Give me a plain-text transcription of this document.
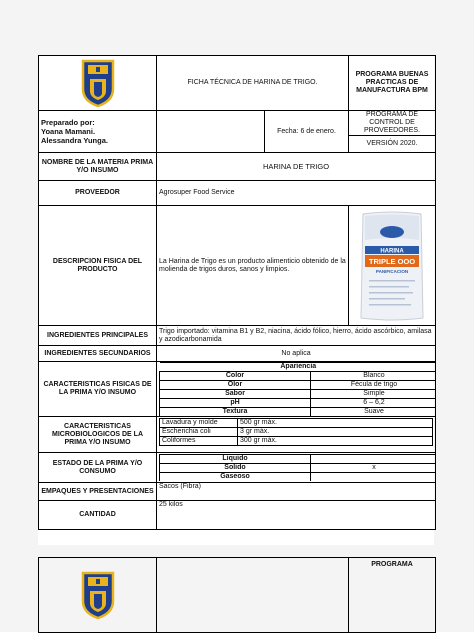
	FICHA TÉCNICA DE HARINA DE TRIGO.	PROGRAMA BUENAS PRACTICAS DE MANUFACTURA BPM

Preparado por:
Yoana Mamani.
Alessandra Yunga.
		Fecha: 6 de enero.	PROGRAMA DE CONTROL DE PROVEEDORES.
VERSIÓN 2020.
NOMBRE DE LA MATERIA PRIMA Y/O INSUMO	HARINA DE TRIGO
PROVEEDOR	Agrosuper Food Service
DESCRIPCION FISICA DEL PRODUCTO	La Harina de Trigo es un producto alimenticio obtenido de la molienda de trigos duros, sanos y limpios.	
HARINA
TRIPLE OOO
PANIFICACION

INGREDIENTES PRINCIPALES	Trigo importado: vitamina B1 y B2, niacina, ácido fólico, hierro, ácido ascórbico, amilasa y azodicarbonamida
INGREDIENTES SECUNDARIOS	No aplica
CARACTERISTICAS FISICAS DE LA PRIMA Y/O INSUMO	
Apariencia
Color	Blanco
Olor	Fécula de trigo
Sabor	Simple
pH	6 – 6,2
Textura	Suave

CARACTERISTICAS MICROBIOLOGICOS DE LA PRIMA Y/O INSUMO	
Lavadura y molde	500 gr máx.
Escherichia coli	3 gr máx.
Coliformes	300 gr máx.

ESTADO DE LA PRIMA Y/O CONSUMO	
Liquido	
Solido	x
Gaseoso	

EMPAQUES Y PRESENTACIONES	Sacos (Fibra)
CANTIDAD	25 kilos
		PROGRAMA
